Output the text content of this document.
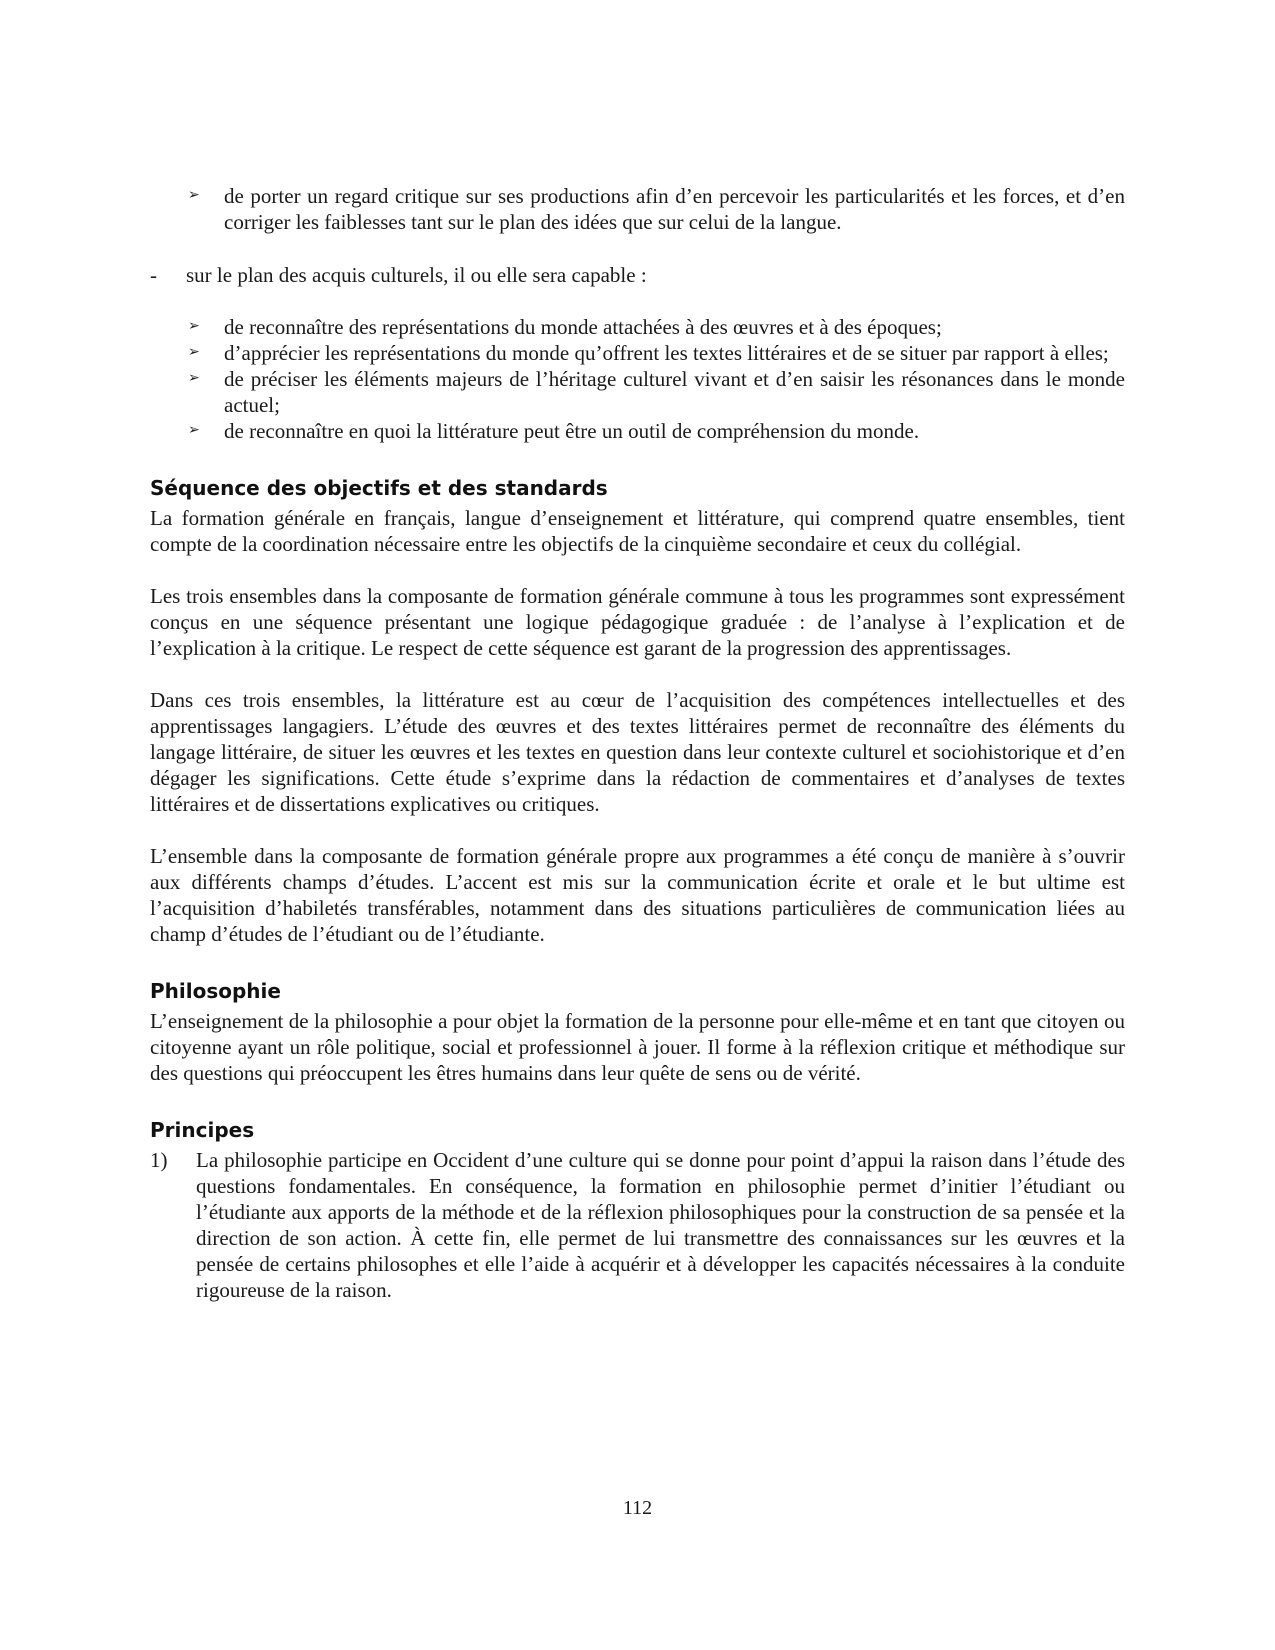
➢ de porter un regard critique sur ses productions afin d’en percevoir les particularités et les forces, et d’en corriger les faiblesses tant sur le plan des idées que sur celui de la langue.
- sur le plan des acquis culturels, il ou elle sera capable :
➢ de reconnaître des représentations du monde attachées à des œuvres et à des époques;
➢ d’apprécier les représentations du monde qu’offrent les textes littéraires et de se situer par rapport à elles;
➢ de préciser les éléments majeurs de l’héritage culturel vivant et d’en saisir les résonances dans le monde actuel;
➢ de reconnaître en quoi la littérature peut être un outil de compréhension du monde.
Séquence des objectifs et des standards

La formation générale en français, langue d’enseignement et littérature, qui comprend quatre ensembles, tient compte de la coordination nécessaire entre les objectifs de la cinquième secondaire et ceux du collégial.

Les trois ensembles dans la composante de formation générale commune à tous les programmes sont expressément conçus en une séquence présentant une logique pédagogique graduée : de l’analyse à l’explication et de l’explication à la critique. Le respect de cette séquence est garant de la progression des apprentissages.

Dans ces trois ensembles, la littérature est au cœur de l’acquisition des compétences intellectuelles et des apprentissages langagiers. L’étude des œuvres et des textes littéraires permet de reconnaître des éléments du langage littéraire, de situer les œuvres et les textes en question dans leur contexte culturel et sociohistorique et d’en dégager les significations. Cette étude s’exprime dans la rédaction de commentaires et d’analyses de textes littéraires et de dissertations explicatives ou critiques.

L’ensemble dans la composante de formation générale propre aux programmes a été conçu de manière à s’ouvrir aux différents champs d’études. L’accent est mis sur la communication écrite et orale et le but ultime est l’acquisition d’habiletés transférables, notamment dans des situations particulières de communication liées au champ d’études de l’étudiant ou de l’étudiante.

Philosophie

L’enseignement de la philosophie a pour objet la formation de la personne pour elle-même et en tant que citoyen ou citoyenne ayant un rôle politique, social et professionnel à jouer. Il forme à la réflexion critique et méthodique sur des questions qui préoccupent les êtres humains dans leur quête de sens ou de vérité.

Principes
1) La philosophie participe en Occident d’une culture qui se donne pour point d’appui la raison dans l’étude des questions fondamentales. En conséquence, la formation en philosophie permet d’initier l’étudiant ou l’étudiante aux apports de la méthode et de la réflexion philosophiques pour la construction de sa pensée et la direction de son action. À cette fin, elle permet de lui transmettre des connaissances sur les œuvres et la pensée de certains philosophes et elle l’aide à acquérir et à développer les capacités nécessaires à la conduite rigoureuse de la raison.
112
